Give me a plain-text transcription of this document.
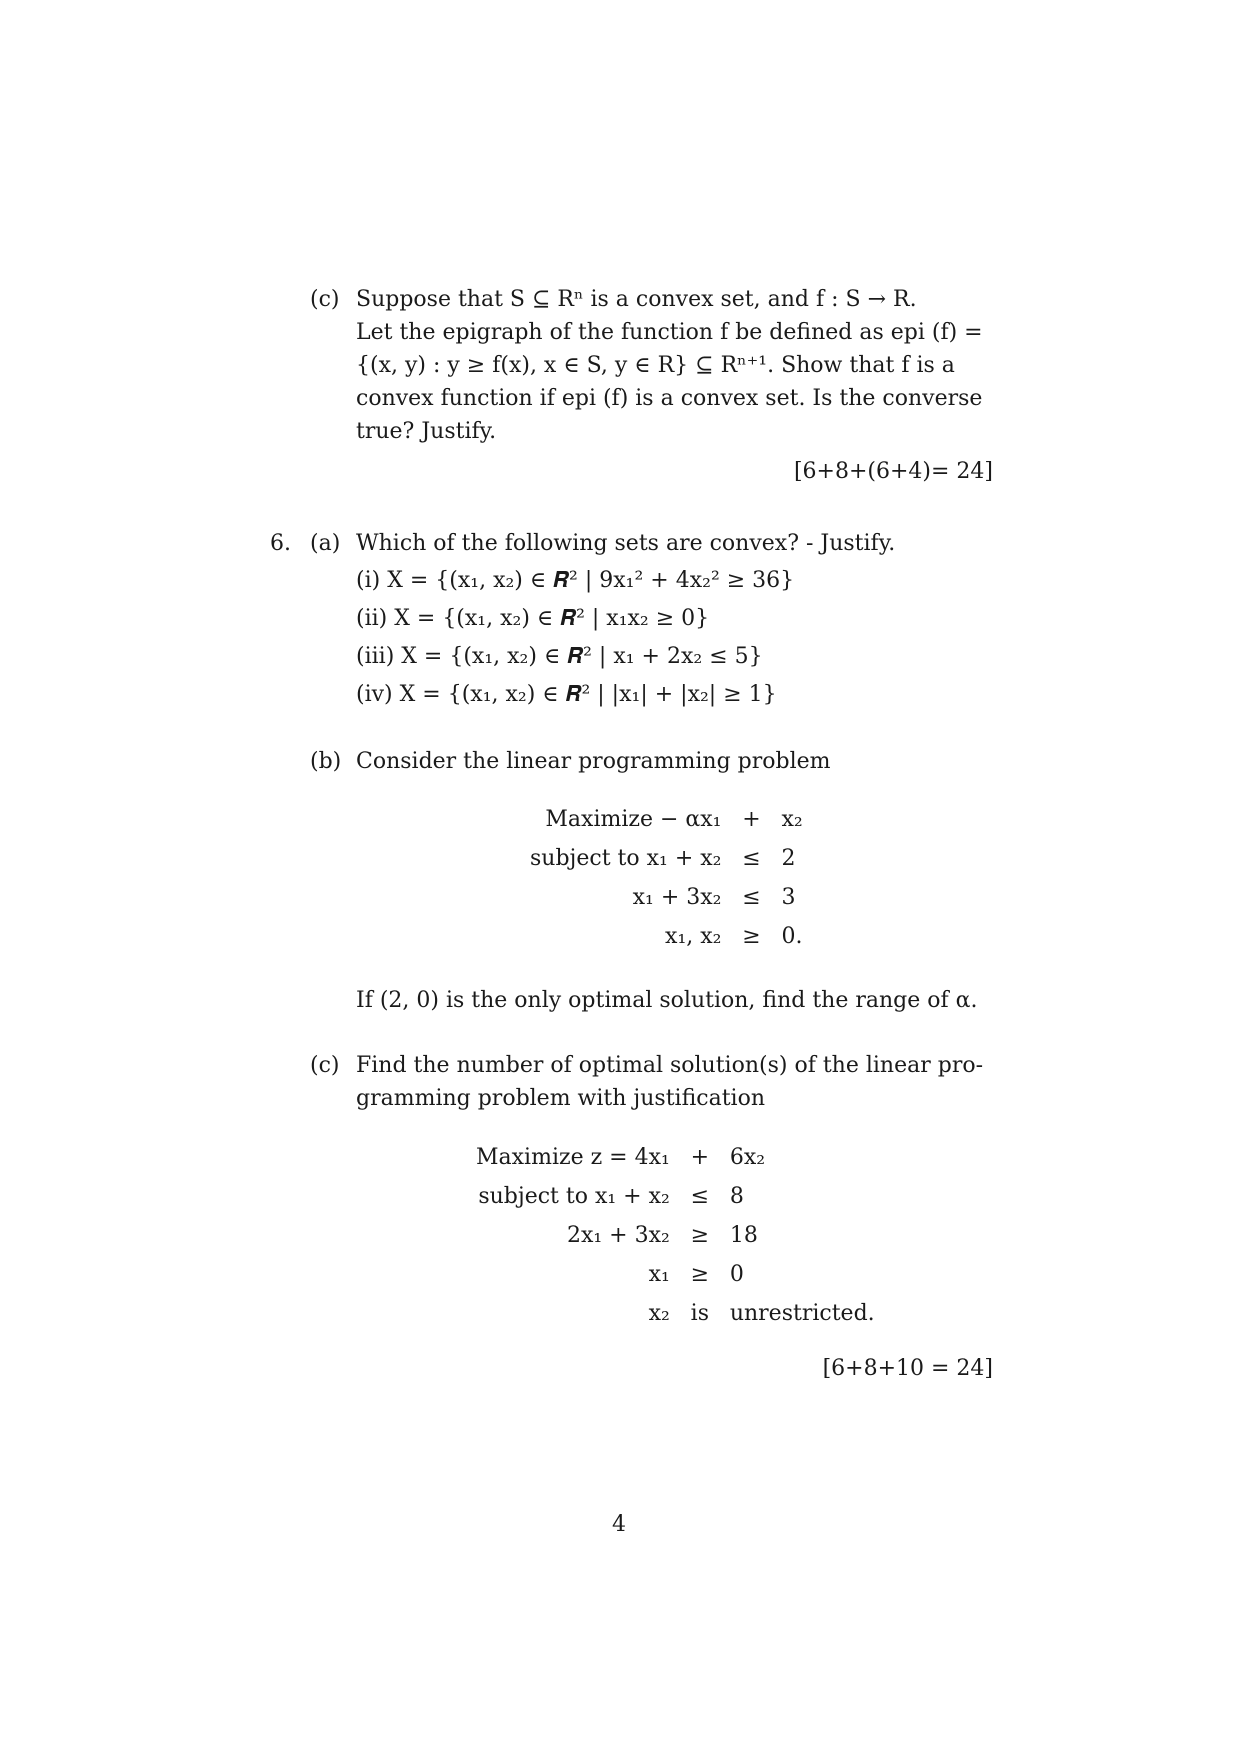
(c) Suppose that S ⊆ Rⁿ is a convex set, and f : S → R.
Let the epigraph of the function f be defined as epi (f) =
{(x, y) : y ≥ f(x), x ∈ S, y ∈ R} ⊆ Rⁿ⁺¹. Show that f is a
convex function if epi (f) is a convex set. Is the converse
true? Justify.
[6+8+(6+4)= 24]
6. (a) Which of the following sets are convex? - Justify.
(i) X = {(x₁, x₂) ∈ 𝑹² | 9x₁² + 4x₂² ≥ 36}
(ii) X = {(x₁, x₂) ∈ 𝑹² | x₁x₂ ≥ 0}
(iii) X = {(x₁, x₂) ∈ 𝑹² | x₁ + 2x₂ ≤ 5}
(iv) X = {(x₁, x₂) ∈ 𝑹² | |x₁| + |x₂| ≥ 1}
(b) Consider the linear programming problem
Maximize − αx₁	+	x₂
subject to x₁ + x₂	≤	2
x₁ + 3x₂	≤	3
x₁, x₂	≥	0.
If (2, 0) is the only optimal solution, find the range of α.
(c) Find the number of optimal solution(s) of the linear pro-
gramming problem with justification
Maximize z = 4x₁	+	6x₂
subject to x₁ + x₂	≤	8
2x₁ + 3x₂	≥	18
x₁	≥	0
x₂	is	unrestricted.
[6+8+10 = 24]
4
